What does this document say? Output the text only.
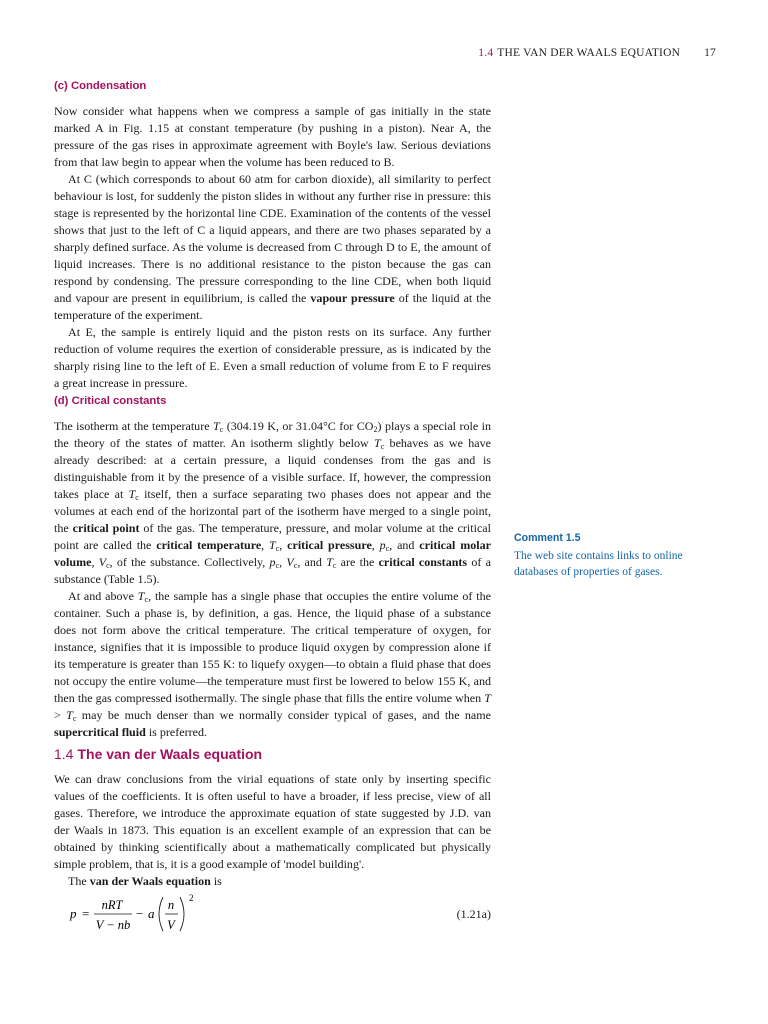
1.4 THE VAN DER WAALS EQUATION 17
(c) Condensation

Now consider what happens when we compress a sample of gas initially in the state marked A in Fig. 1.15 at constant temperature (by pushing in a piston). Near A, the pressure of the gas rises in approximate agreement with Boyle's law. Serious deviations from that law begin to appear when the volume has been reduced to B.

At C (which corresponds to about 60 atm for carbon dioxide), all similarity to perfect behaviour is lost, for suddenly the piston slides in without any further rise in pressure: this stage is represented by the horizontal line CDE. Examination of the contents of the vessel shows that just to the left of C a liquid appears, and there are two phases separated by a sharply defined surface. As the volume is decreased from C through D to E, the amount of liquid increases. There is no additional resistance to the piston because the gas can respond by condensing. The pressure corresponding to the line CDE, when both liquid and vapour are present in equilibrium, is called the vapour pressure of the liquid at the temperature of the experiment.

At E, the sample is entirely liquid and the piston rests on its surface. Any further reduction of volume requires the exertion of considerable pressure, as is indicated by the sharply rising line to the left of E. Even a small reduction of volume from E to F requires a great increase in pressure.

(d) Critical constants

The isotherm at the temperature $T_c$ (304.19 K, or 31.04°C for $CO_2$) plays a special role in the theory of the states of matter. An isotherm slightly below $T_c$ behaves as we have already described: at a certain pressure, a liquid condenses from the gas and is distinguishable from it by the presence of a visible surface. If, however, the compression takes place at $T_c$ itself, then a surface separating two phases does not appear and the volumes at each end of the horizontal part of the isotherm have merged to a single point, the critical point of the gas. The temperature, pressure, and molar volume at the critical point are called the critical temperature, $T_c$, critical pressure, $p_c$, and critical molar volume, $V_c$, of the substance. Collectively, $p_c$, $V_c$, and $T_c$ are the critical constants of a substance (Table 1.5).

At and above $T_c$, the sample has a single phase that occupies the entire volume of the container. Such a phase is, by definition, a gas. Hence, the liquid phase of a substance does not form above the critical temperature. The critical temperature of oxygen, for instance, signifies that it is impossible to produce liquid oxygen by compression alone if its temperature is greater than 155 K: to liquefy oxygen—to obtain a fluid phase that does not occupy the entire volume—the temperature must first be lowered to below 155 K, and then the gas compressed isothermally. The single phase that fills the entire volume when $T > T_c$ may be much denser than we normally consider typical of gases, and the name supercritical fluid is preferred.

Comment 1.5

The web site contains links to online databases of properties of gases.

1.4 The van der Waals equation

We can draw conclusions from the virial equations of state only by inserting specific values of the coefficients. It is often useful to have a broader, if less precise, view of all gases. Therefore, we introduce the approximate equation of state suggested by J.D. van der Waals in 1873. This equation is an excellent example of an expression that can be obtained by thinking scientifically about a mathematically complicated but physically simple problem, that is, it is a good example of 'model building'.

The van der Waals equation is

p =
nRT
V − nb
− a
n
V
2
(1.21a)
